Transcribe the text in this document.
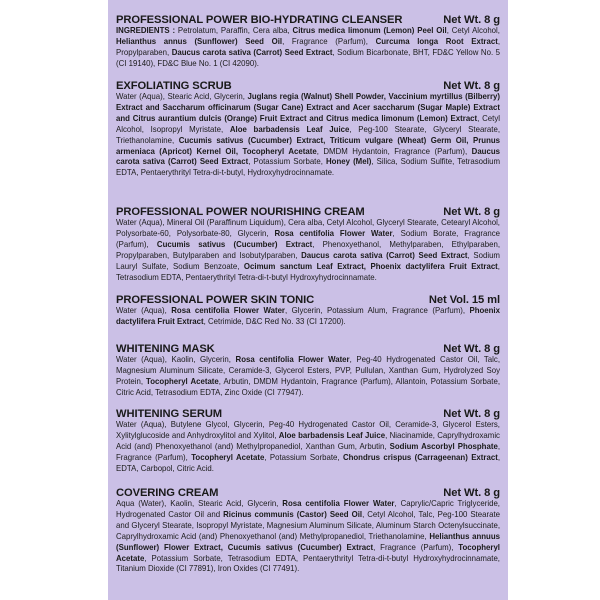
PROFESSIONAL POWER BIO-HYDRATING CLEANSER	Net Wt. 8 g

INGREDIENTS : Petrolatum, Paraffin, Cera alba, Citrus medica limonum (Lemon) Peel Oil, Cetyl Alcohol, Helianthus annus (Sunflower) Seed Oil, Fragrance (Parfum), Curcuma longa Root Extract, Propylparaben, Daucus carota sativa (Carrot) Seed Extract, Sodium Bicarbonate, BHT, FD&C Yellow No. 5 (CI 19140), FD&C Blue No. 1 (CI 42090).

EXFOLIATING SCRUB	Net Wt. 8 g

Water (Aqua), Stearic Acid, Glycerin, Juglans regia (Walnut) Shell Powder, Vaccinium myrtillus (Bilberry) Extract and Saccharum officinarum (Sugar Cane) Extract and Acer saccharum (Sugar Maple) Extract and Citrus aurantium dulcis (Orange) Fruit Extract and Citrus medica limonum (Lemon) Extract, Cetyl Alcohol, Isopropyl Myristate, Aloe barbadensis Leaf Juice, Peg-100 Stearate, Glyceryl Stearate, Triethanolamine, Cucumis sativus (Cucumber) Extract, Triticum vulgare (Wheat) Germ Oil, Prunus armeniaca (Apricot) Kernel Oil, Tocopheryl Acetate, DMDM Hydantoin, Fragrance (Parfum), Daucus carota sativa (Carrot) Seed Extract, Potassium Sorbate, Honey (Mel), Silica, Sodium Sulfite, Tetrasodium EDTA, Pentaerythrityl Tetra-di-t-butyl, Hydroxyhydrocinnamate.

PROFESSIONAL POWER NOURISHING CREAM	Net Wt. 8 g

Water (Aqua), Mineral Oil (Paraffinum Liquidum), Cera alba, Cetyl Alcohol, Glyceryl Stearate, Cetearyl Alcohol, Polysorbate-60, Polysorbate-80, Glycerin, Rosa centifolia Flower Water, Sodium Borate, Fragrance (Parfum), Cucumis sativus (Cucumber) Extract, Phenoxyethanol, Methylparaben, Ethylparaben, Propylparaben, Butylparaben and Isobutylparaben, Daucus carota sativa (Carrot) Seed Extract, Sodium Lauryl Sulfate, Sodium Benzoate, Ocimum sanctum Leaf Extract, Phoenix dactylifera Fruit Extract, Tetrasodium EDTA, Pentaerythrityl Tetra-di-t-butyl Hydroxyhydrocinnamate.

PROFESSIONAL POWER SKIN TONIC	Net Vol. 15 ml

Water (Aqua), Rosa centifolia Flower Water, Glycerin, Potassium Alum, Fragrance (Parfum), Phoenix dactylifera Fruit Extract, Cetrimide, D&C Red No. 33 (CI 17200).

WHITENING MASK	Net Wt. 8 g

Water (Aqua), Kaolin, Glycerin, Rosa centifolia Flower Water, Peg-40 Hydrogenated Castor Oil, Talc, Magnesium Aluminum Silicate, Ceramide-3, Glycerol Esters, PVP, Pullulan, Xanthan Gum, Hydrolyzed Soy Protein, Tocopheryl Acetate, Arbutin, DMDM Hydantoin, Fragrance (Parfum), Allantoin, Potassium Sorbate, Citric Acid, Tetrasodium EDTA, Zinc Oxide (CI 77947).

WHITENING SERUM	Net Wt. 8 g

Water (Aqua), Butylene Glycol, Glycerin, Peg-40 Hydrogenated Castor Oil, Ceramide-3, Glycerol Esters, Xylitylglucoside and Anhydroxylitol and Xylitol, Aloe barbadensis Leaf Juice, Niacinamide, Caprylhydroxamic Acid (and) Phenoxyethanol (and) Methylpropanediol, Xanthan Gum, Arbutin, Sodium Ascorbyl Phosphate, Fragrance (Parfum), Tocopheryl Acetate, Potassium Sorbate, Chondrus crispus (Carrageenan) Extract, EDTA, Carbopol, Citric Acid.

COVERING CREAM	Net Wt. 8 g

Aqua (Water), Kaolin, Stearic Acid, Glycerin, Rosa centifolia Flower Water, Caprylic/Capric Triglyceride, Hydrogenated Castor Oil and Ricinus communis (Castor) Seed Oil, Cetyl Alcohol, Talc, Peg-100 Stearate and Glyceryl Stearate, Isopropyl Myristate, Magnesium Aluminum Silicate, Aluminum Starch Octenylsuccinate, Caprylhydroxamic Acid (and) Phenoxyethanol (and) Methylpropanediol, Triethanolamine, Helianthus annuus (Sunflower) Flower Extract, Cucumis sativus (Cucumber) Extract, Fragrance (Parfum), Tocopheryl Acetate, Potassium Sorbate, Tetrasodium EDTA, Pentaerythrityl Tetra-di-t-butyl Hydroxyhydrocinnamate, Titanium Dioxide (CI 77891), Iron Oxides (CI 77491).
